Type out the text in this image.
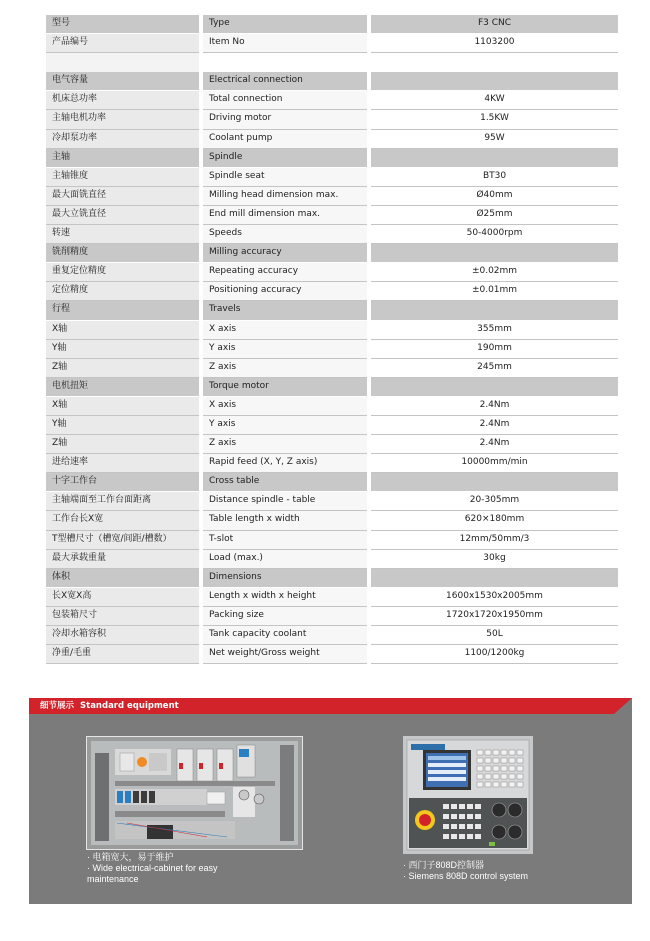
型号	Type	F3 CNC
产品编号	Item No	1103200
电气容量	Electrical connection
机床总功率	Total connection	4KW
主轴电机功率	Driving motor	1.5KW
冷却泵功率	Coolant pump	95W
主轴	Spindle
主轴锥度	Spindle seat	BT30
最大面铣直径	Milling head dimension max.	Ø40mm
最大立铣直径	End mill dimension max.	Ø25mm
转速	Speeds	50-4000rpm
铣削精度	Milling accuracy
重复定位精度	Repeating accuracy	±0.02mm
定位精度	Positioning accuracy	±0.01mm
行程	Travels
X轴	X axis	355mm
Y轴	Y axis	190mm
Z轴	Z axis	245mm
电机扭矩	Torque motor
X轴	X axis	2.4Nm
Y轴	Y axis	2.4Nm
Z轴	Z axis	2.4Nm
进给速率	Rapid feed (X, Y, Z axis)	10000mm/min
十字工作台	Cross table
主轴端面至工作台面距离	Distance spindle - table	20-305mm
工作台长X宽	Table length x width	620×180mm
T型槽尺寸（槽宽/间距/槽数）	T-slot	12mm/50mm/3
最大承载重量	Load (max.)	30kg
体积	Dimensions
长X宽X高	Length x width x height	1600x1530x2005mm
包装箱尺寸	Packing size	1720x1720x1950mm
冷却水箱容积	Tank capacity coolant	50L
净重/毛重	Net weight/Gross weight	1100/1200kg
细节展示 Standard equipment
· 电箱宽大，易于维护
· Wide electrical-cabinet for easy
maintenance
· 西门子808D控制器
· Siemens 808D control system
